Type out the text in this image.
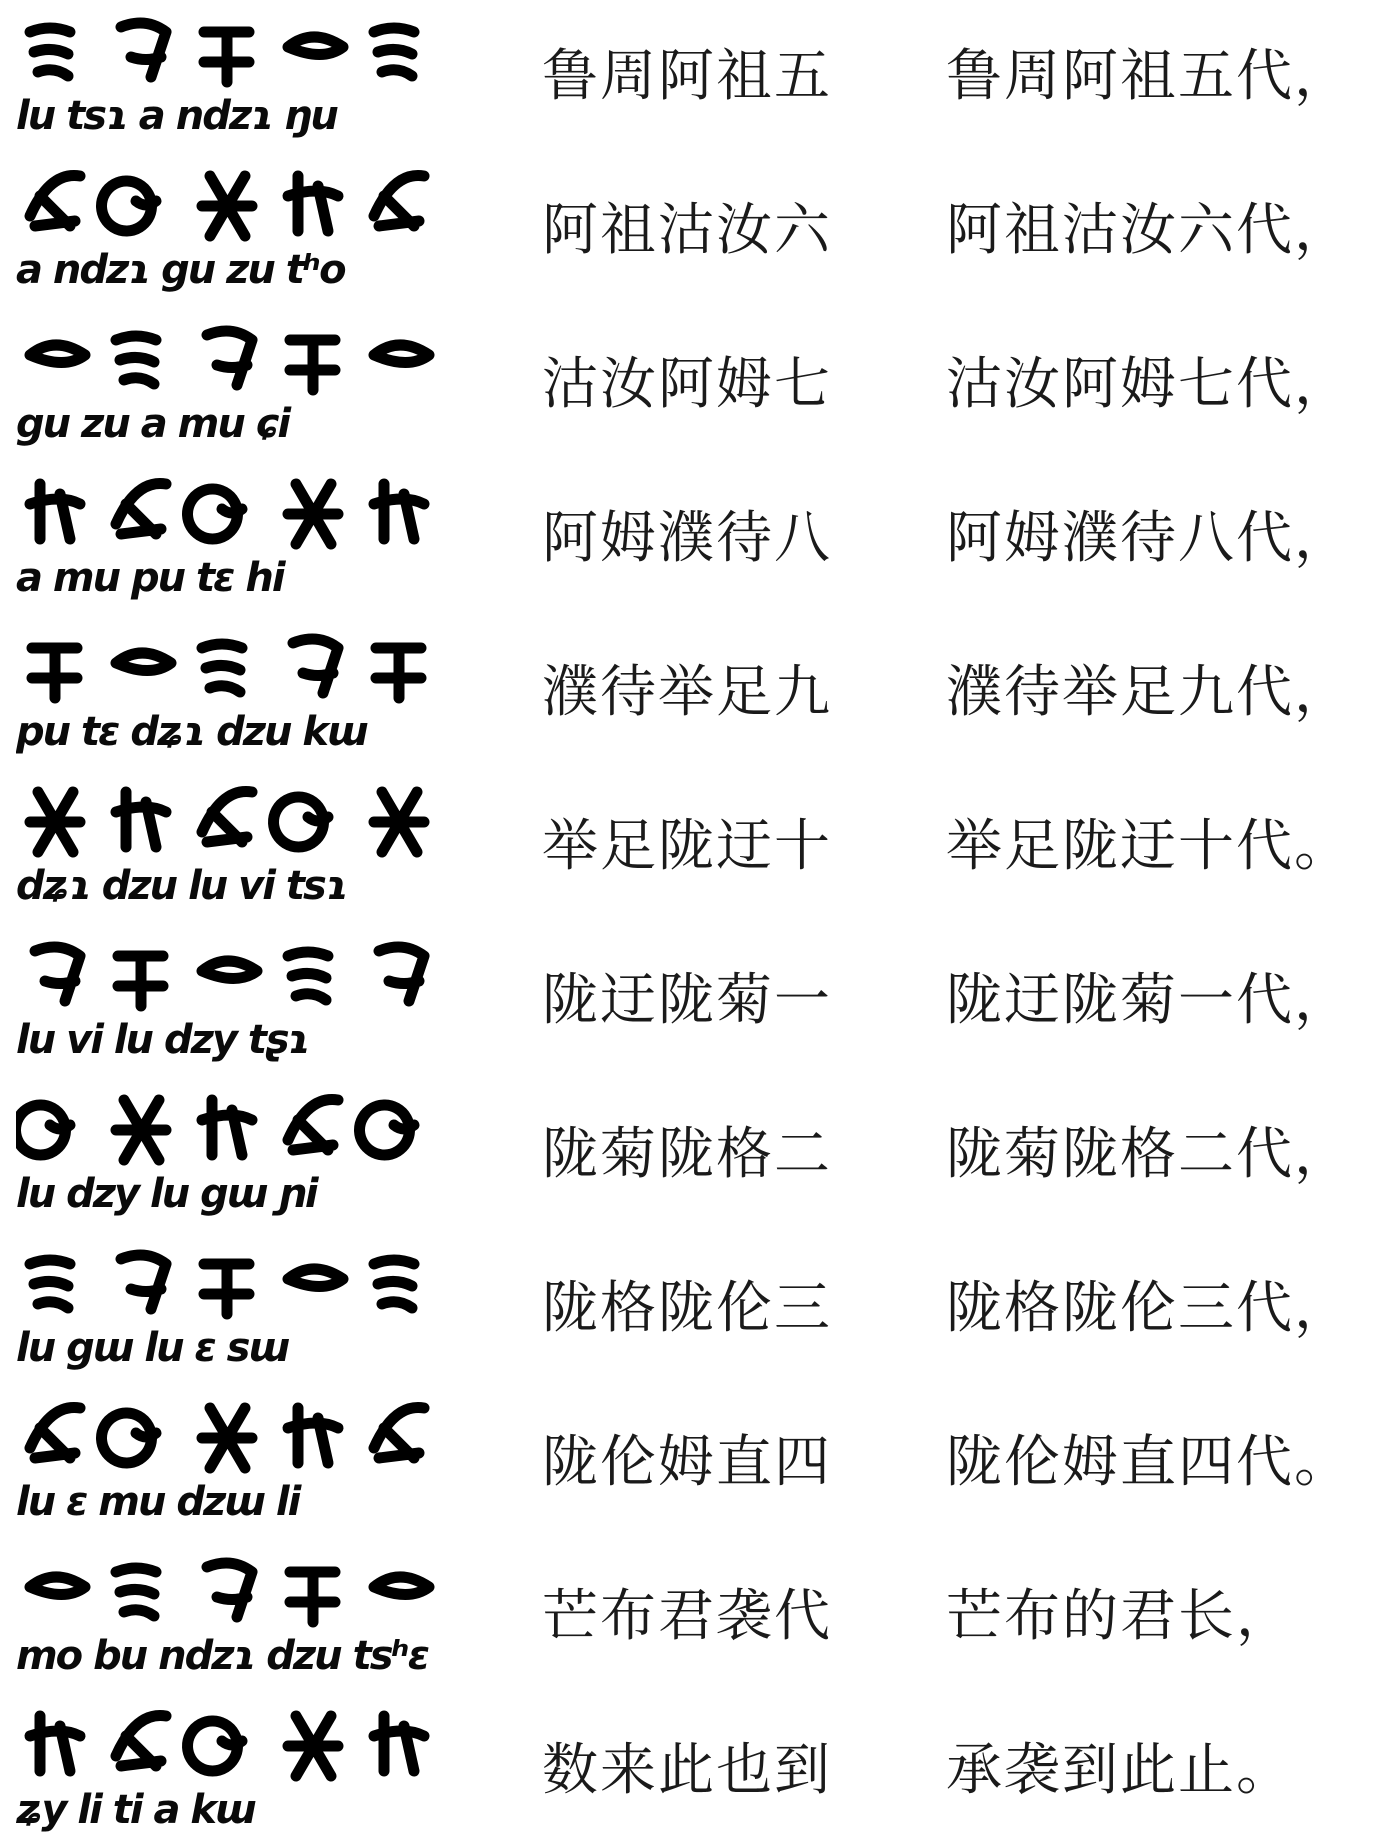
lu tsɿ a ndzɿ ŋu
鲁周阿祖五	鲁周阿祖五代，
a ndzɿ gu zu tʰo
阿祖沽汝六	阿祖沽汝六代，
gu zu a mu ɕi
沽汝阿姆七	沽汝阿姆七代，
a mu pu tɛ hi
阿姆濮待八	阿姆濮待八代，
pu tɛ dʑɿ dzu kɯ
濮待举足九	濮待举足九代，
dʑɿ dzu lu vi tsɿ
举足陇迂十	举足陇迂十代。
lu vi lu dzy tʂɿ
陇迂陇菊一	陇迂陇菊一代，
lu dzy lu gɯ ɲi
陇菊陇格二	陇菊陇格二代，
lu gɯ lu ɛ sɯ
陇格陇伦三	陇格陇伦三代，
lu ɛ mu dzɯ li
陇伦姆直四	陇伦姆直四代。
mo bu ndzɿ dzu tsʰɛ
芒布君袭代	芒布的君长，
ʑy li ti a kɯ
数来此也到	承袭到此止。
